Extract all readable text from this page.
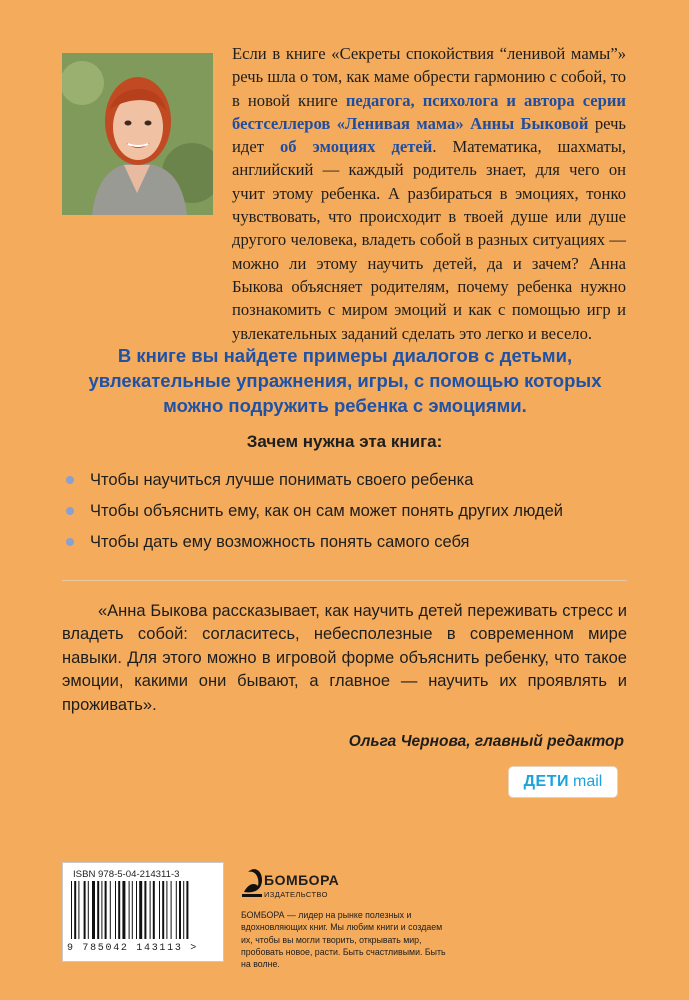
Если в книге «Секреты спокойствия “ленивой мамы”» речь шла о том, как маме обрести гармонию с собой, то в новой книге педагога, психолога и автора серии бестселлеров «Ленивая мама» Анны Быковой речь идет об эмоциях детей. Математика, шахматы, английский — каждый родитель знает, для чего он учит этому ребенка. А разбираться в эмоциях, тонко чувствовать, что происходит в твоей душе или душе другого человека, владеть собой в разных ситуациях — можно ли этому научить детей, да и зачем? Анна Быкова объясняет родителям, почему ребенка нужно познакомить с миром эмоций и как с помощью игр и увлекательных заданий сделать это легко и весело.

В книге вы найдете примеры диалогов с детьми, увлекательные упражнения, игры, с помощью которых можно подружить ребенка с эмоциями.
Зачем нужна эта книга:
Чтобы научиться лучше понимать своего ребенка
Чтобы объяснить ему, как он сам может понять других людей
Чтобы дать ему возможность понять самого себя

«Анна Быкова рассказывает, как научить детей переживать стресс и владеть собой: согласитесь, небесполезные в современном мире навыки. Для этого можно в игровой форме объяснить ребенку, что такое эмоции, какими они бывают, а главное — научить их проявлять и проживать».

Ольга Чернова, главный редактор
ДЕТИ mail
ISBN 978-5-04-214311-3
9 785042 143113 >
БОМБОРА
ИЗДАТЕЛЬСТВО
БОМБОРА — лидер на рынке полезных и вдохновляющих книг. Мы любим книги и создаем их, чтобы вы могли творить, открывать мир, пробовать новое, расти. Быть счастливыми. Быть на волне.
